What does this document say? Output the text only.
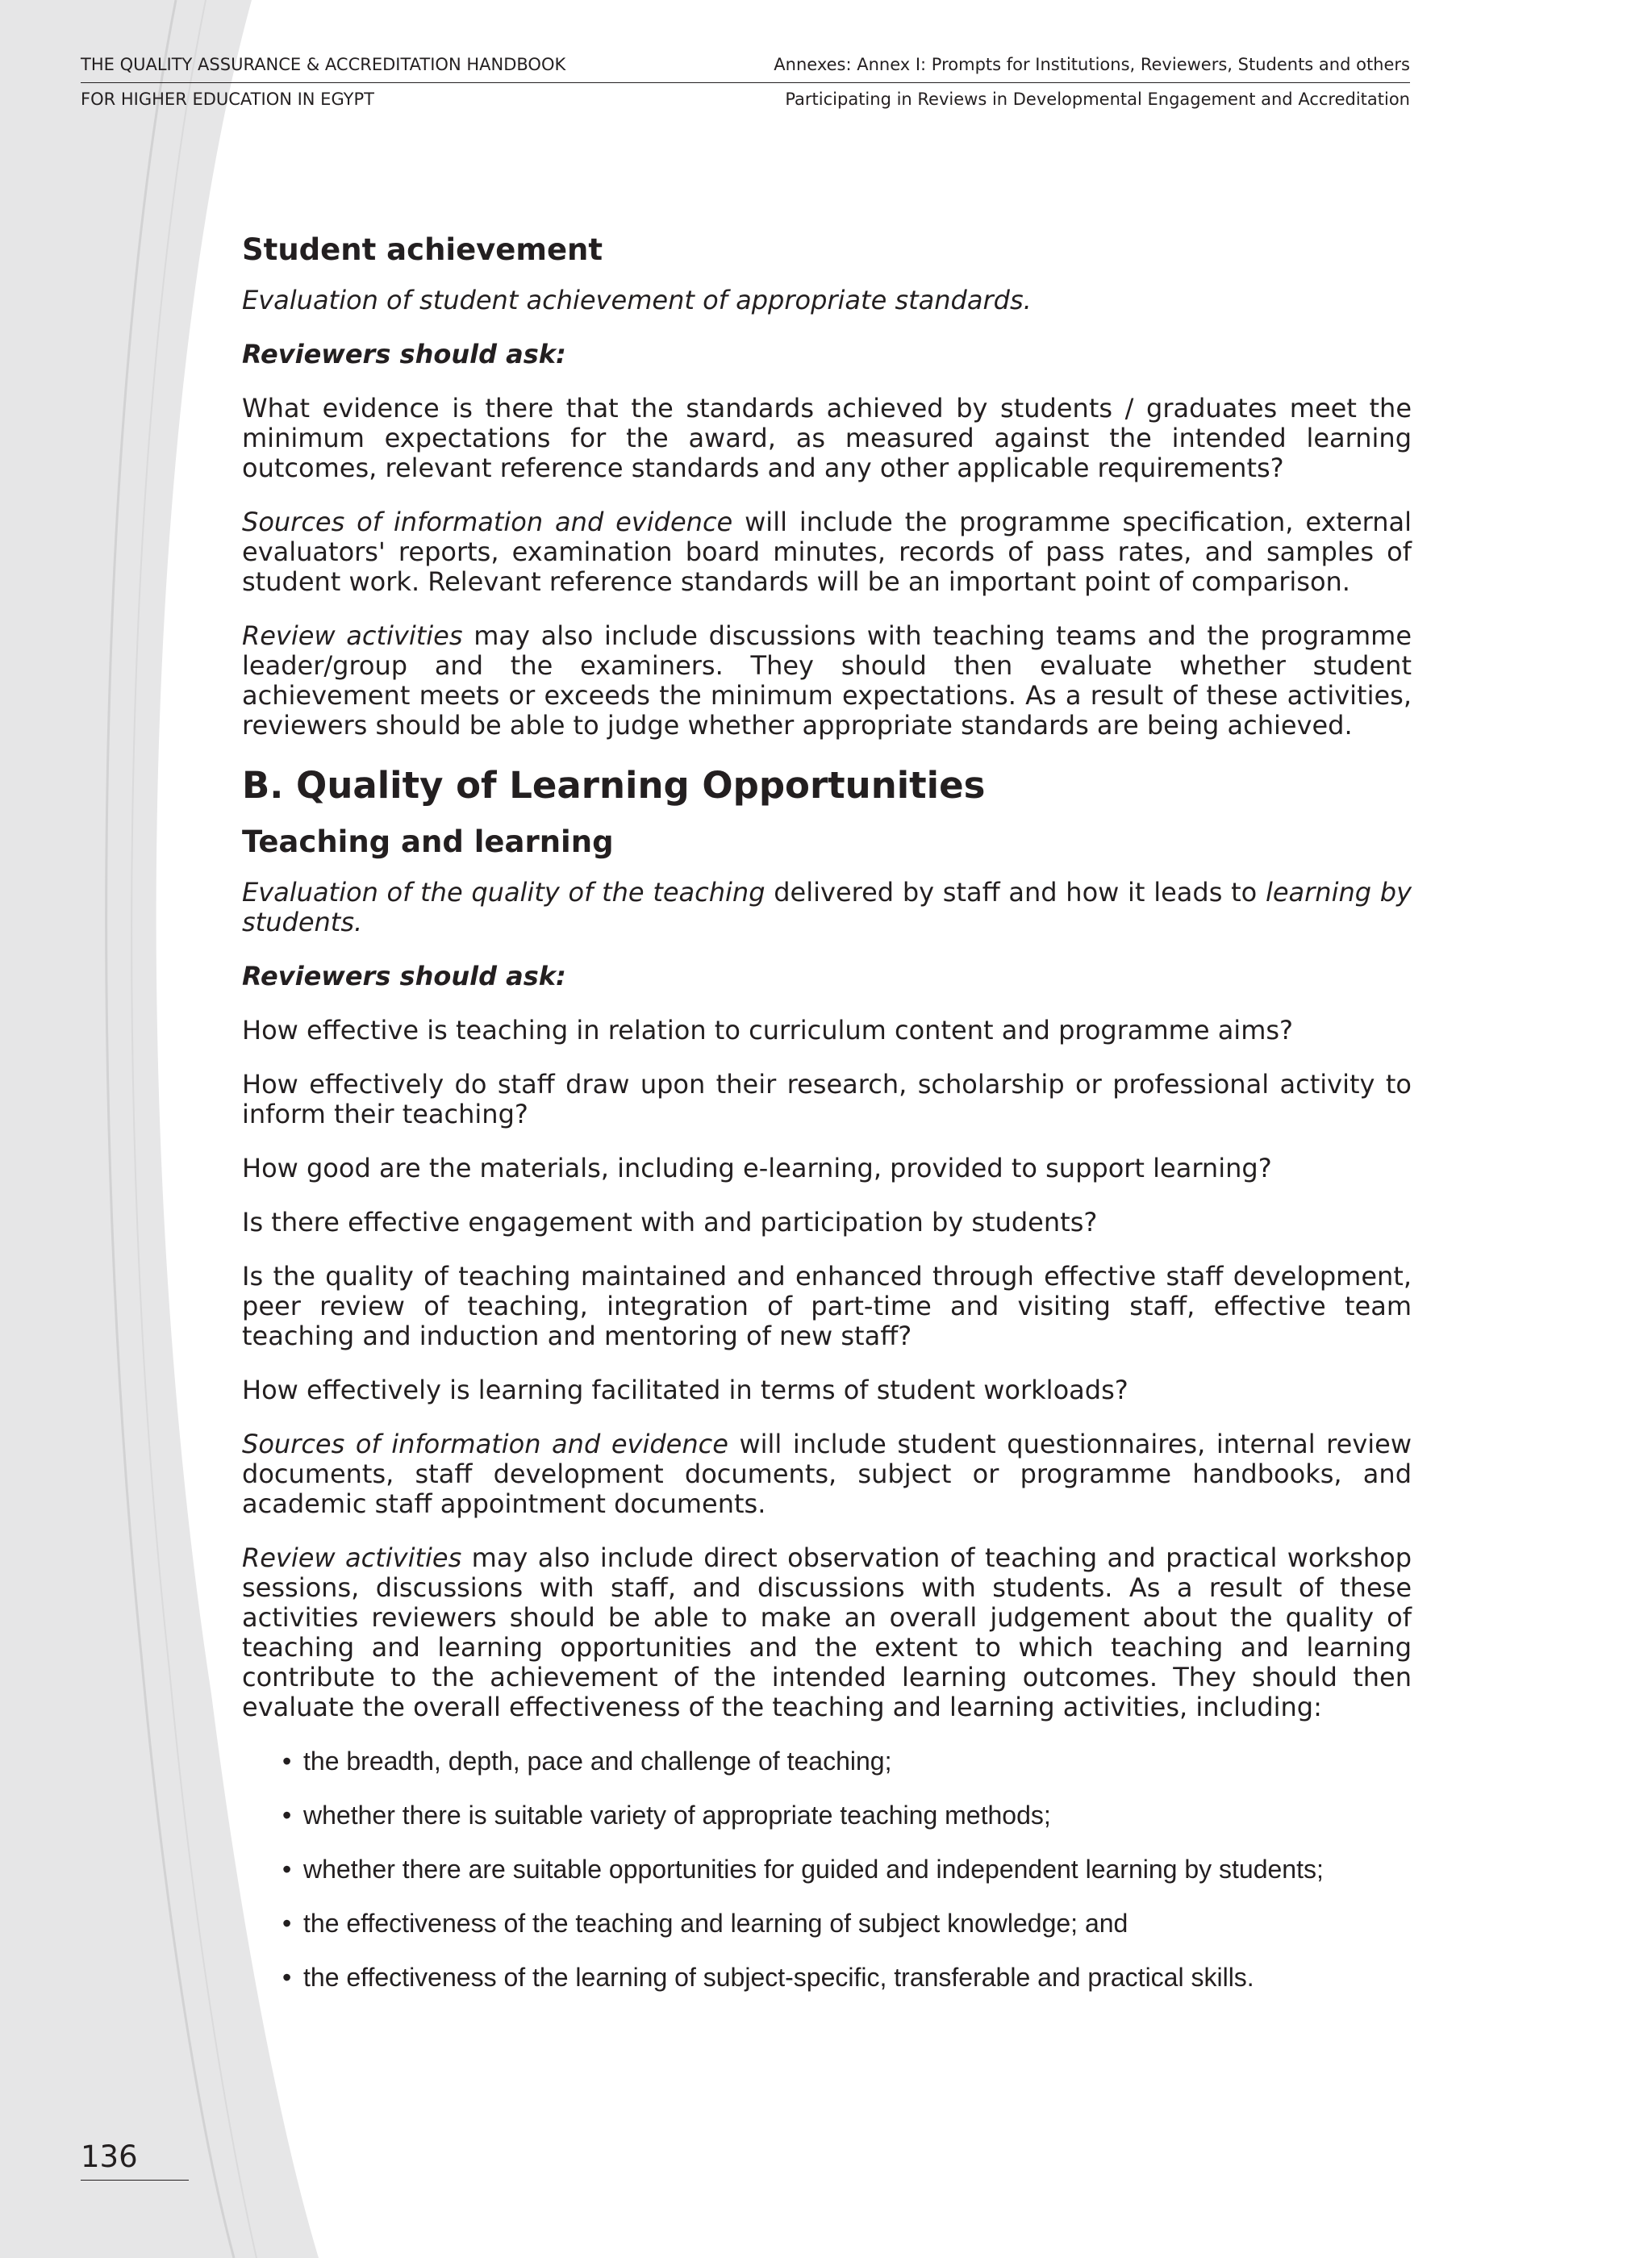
THE QUALITY ASSURANCE & ACCREDITATION HANDBOOK	Annexes: Annex I: Prompts for Institutions, Reviewers, Students and others
FOR HIGHER EDUCATION IN EGYPT	Participating in Reviews in Developmental Engagement and Accreditation
Student achievement

Evaluation of student achievement of appropriate standards.

Reviewers should ask:

What evidence is there that the standards achieved by students / graduates meet the minimum expectations for the award, as measured against the intended learning outcomes, relevant reference standards and any other applicable requirements?

Sources of information and evidence will include the programme specification, external evaluators' reports, examination board minutes, records of pass rates, and samples of student work. Relevant reference standards will be an important point of comparison.

Review activities may also include discussions with teaching teams and the programme leader/group and the examiners. They should then evaluate whether student achievement meets or exceeds the minimum expectations. As a result of these activities, reviewers should be able to judge whether appropriate standards are being achieved.

B. Quality of Learning Opportunities
Teaching and learning

Evaluation of the quality of the teaching delivered by staff and how it leads to learning by students.

Reviewers should ask:

How effective is teaching in relation to curriculum content and programme aims?

How effectively do staff draw upon their research, scholarship or professional activity to inform their teaching?

How good are the materials, including e-learning, provided to support learning?

Is there effective engagement with and participation by students?

Is the quality of teaching maintained and enhanced through effective staff development, peer review of teaching, integration of part-time and visiting staff, effective team teaching and induction and mentoring of new staff?

How effectively is learning facilitated in terms of student workloads?

Sources of information and evidence will include student questionnaires, internal review documents, staff development documents, subject or programme handbooks, and academic staff appointment documents.

Review activities may also include direct observation of teaching and practical workshop sessions, discussions with staff, and discussions with students. As a result of these activities reviewers should be able to make an overall judgement about the quality of teaching and learning opportunities and the extent to which teaching and learning contribute to the achievement of the intended learning outcomes. They should then evaluate the overall effectiveness of the teaching and learning activities, including:

• the breadth, depth, pace and challenge of teaching;
• whether there is suitable variety of appropriate teaching methods;
• whether there are suitable opportunities for guided and independent learning by students;
• the effectiveness of the teaching and learning of subject knowledge; and
• the effectiveness of the learning of subject-specific, transferable and practical skills.
136
